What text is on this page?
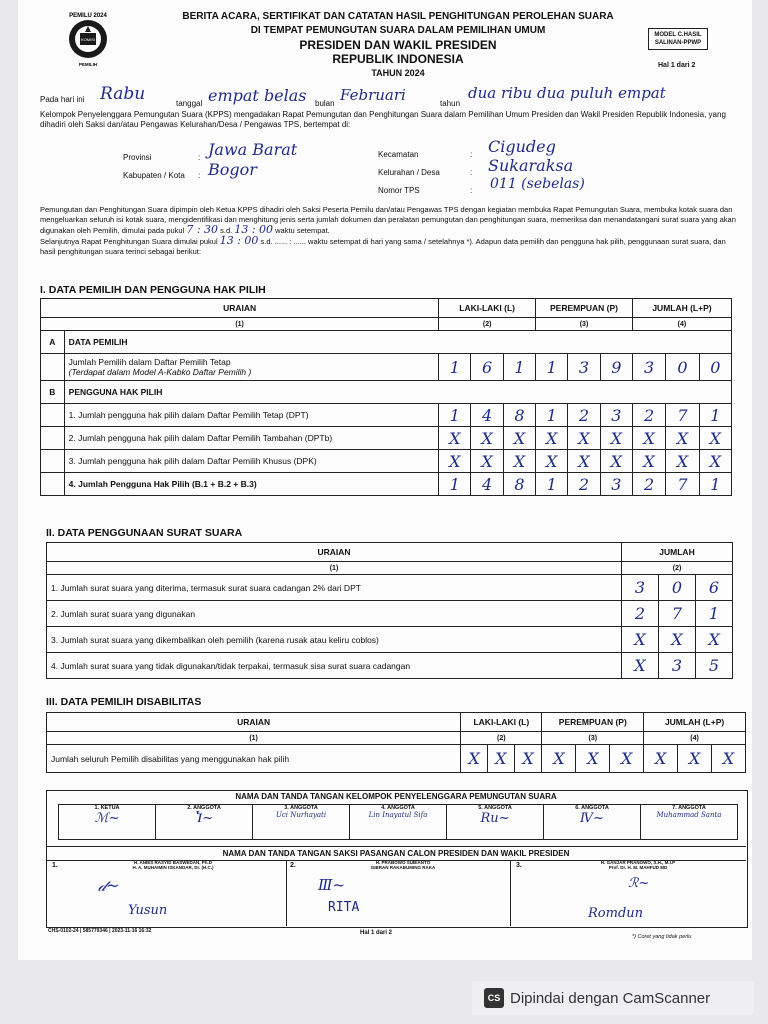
PEMILU 2024
KOMISI
PEMILIH
BERITA ACARA, SERTIFIKAT DAN CATATAN HASIL PENGHITUNGAN PEROLEHAN SUARA
DI TEMPAT PEMUNGUTAN SUARA DALAM PEMILIHAN UMUM
PRESIDEN DAN WAKIL PRESIDEN
REPUBLIK INDONESIA
TAHUN 2024
MODEL C.HASIL
SALINAN-PPWP
Hal 1 dari 2
Pada hari ini Rabu	tanggal empat belas bulan Februari	tahun
dua ribu dua puluh empat
Kelompok Penyelenggara Pemungutan Suara (KPPS) mengadakan Rapat Pemungutan dan Penghitungan Suara dalam Pemilihan Umum Presiden dan Wakil Presiden Republik Indonesia, yang dihadiri oleh Saksi dan/atau Pengawas Kelurahan/Desa / Pengawas TPS, bertempat di:
Provinsi	: Jawa Barat
Kabupaten / Kota : Bogor
Kecamatan	: Cigudeg
Kelurahan / Desa	: Sukaraksa
Nomor TPS	: 011 (sebelas)
Pemungutan dan Penghitungan Suara dipimpin oleh Ketua KPPS dihadiri oleh Saksi Peserta Pemilu dan/atau Pengawas TPS dengan kegiatan membuka Rapat Pemungutan Suara, membuka kotak suara dan mengeluarkan seluruh isi kotak suara, mengidentifikasi dan menghitung jenis serta jumlah dokumen dan peralatan pemungutan dan penghitungan suara, memeriksa dan menandatangani surat suara yang akan digunakan oleh Pemilih, dimulai pada pukul 7 : 30 s.d. 13 : 00 waktu setempat.
Selanjutnya Rapat Penghitungan Suara dimulai pukul 13 : 00 s.d. ...... : ...... waktu setempat di hari yang sama / setelahnya *). Adapun data pemilih dan pengguna hak pilih, penggunaan surat suara, dan hasil penghitungan suara terinci sebagai berikut:
I. DATA PEMILIH DAN PENGGUNA HAK PILIH
URAIAN		LAKI-LAKI (L)			PEREMPUAN (P)			JUMLAH (L+P)		
(1)		(2)			(3)			(4)		
A	DATA PEMILIH									

	Jumlah Pemilih dalam Daftar Pemilih Tetap
(Terdapat dalam Model A-Kabko Daftar Pemilih )	1	6	1	1	3	9	3	0	0
B	PENGGUNA HAK PILIH									
	1. Jumlah pengguna hak pilih dalam Daftar Pemilih Tetap (DPT)	1	4	8	1	2	3	2	7	1
	2. Jumlah pengguna hak pilih dalam Daftar Pemilih Tambahan (DPTb)	X	X	X	X	X	X	X	X	X
	3. Jumlah pengguna hak pilih dalam Daftar Pemilih Khusus (DPK)	X	X	X	X	X	X	X	X	X
	4. Jumlah Pengguna Hak Pilih (B.1 + B.2 + B.3)	1	4	8	1	2	3	2	7	1
II. DATA PENGGUNAAN SURAT SUARA
URAIAN	JUMLAH		
(1)	(2)		
1. Jumlah surat suara yang diterima, termasuk surat suara cadangan 2% dari DPT	3	0	6
2. Jumlah surat suara yang digunakan	2	7	1
3. Jumlah surat suara yang dikembalikan oleh pemilih (karena rusak atau keliru coblos)	X	X	X
4. Jumlah surat suara yang tidak digunakan/tidak terpakai, termasuk sisa surat suara cadangan	X	3	5
III. DATA PEMILIH DISABILITAS
URAIAN	LAKI-LAKI (L)			PEREMPUAN (P)			JUMLAH (L+P)		
(1)	(2)			(3)			(4)		
Jumlah seluruh Pemilih disabilitas yang menggunakan hak pilih	X	X	X	X	X	X	X	X	X
NAMA DAN TANDA TANGAN KELOMPOK PENYELENGGARA PEMUNGUTAN SUARA
1. KETUA
ℳ~

2. ANGGOTA
Ⴈ~

3. ANGGOTA
Uci Nurhayati

4. ANGGOTA
Lin Inayatul Sifa

5. ANGGOTA
Ru~

6. ANGGOTA
Ⅳ~

7. ANGGOTA
Muhammad Santa
NAMA DAN TANDA TANGAN SAKSI PASANGAN CALON PRESIDEN DAN WAKIL PRESIDEN
1.	H. ANIES RASYID BASWEDAN, Ph.D
H. A. MUHAIMIN ISKANDAR, Dr. (H.C.)
𝒹~
Yusun
2.	H. PRABOWO SUBIANTO
GIBRAN RAKABUMING RAKA
Ⅲ~
RITA
3.	H. GANJAR PRANOWO, S.H., M.I.P
Prof. Dr. H. M. MAHFUD MD
ℛ~
Romdun
CHS-0102-24 | 585779346 | 2023-11-16 16:32	Hal 1 dari 2
*) Coret yang tidak perlu
CS Dipindai dengan CamScanner
